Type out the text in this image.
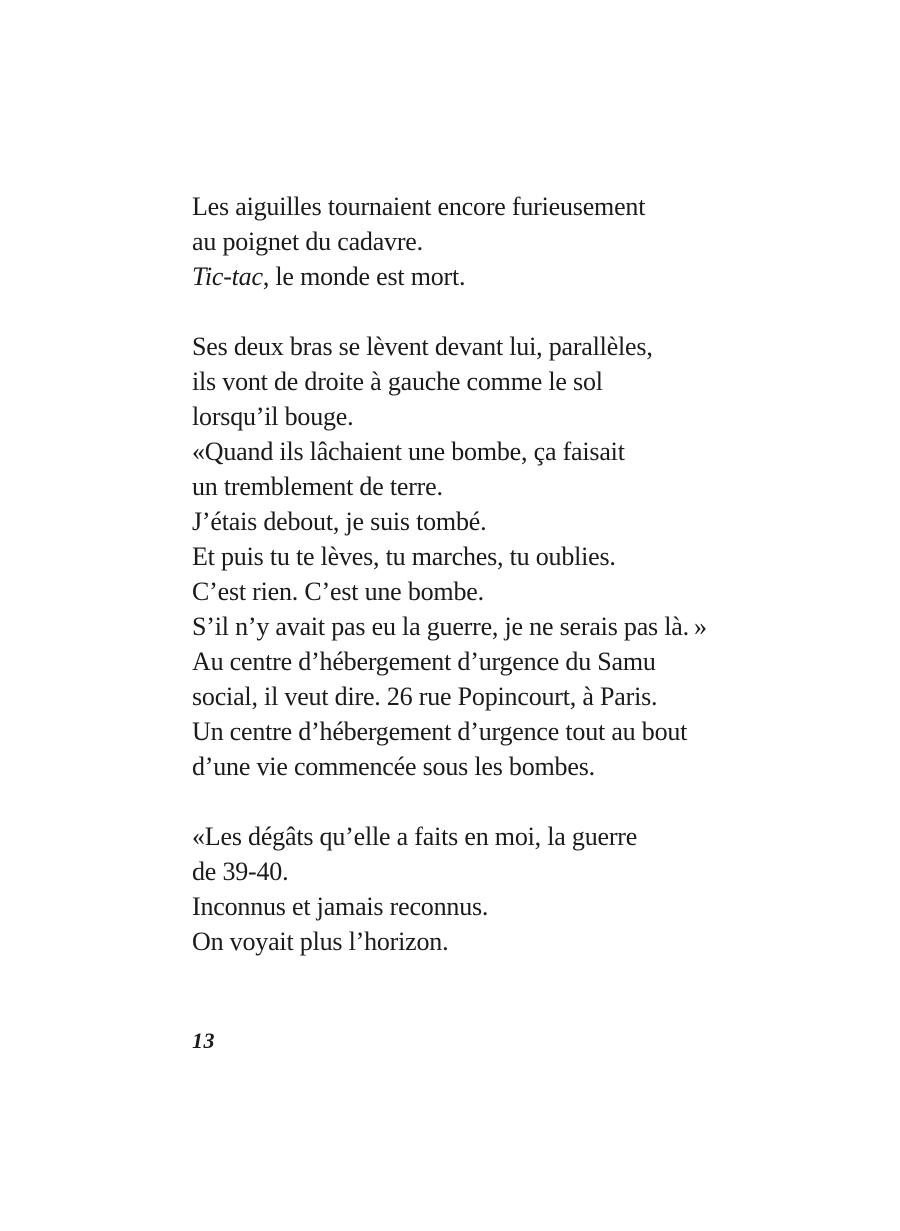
Les aiguilles tournaient encore furieusement
au poignet du cadavre.
Tic-tac, le monde est mort.
Ses deux bras se lèvent devant lui, parallèles,
ils vont de droite à gauche comme le sol
lorsqu’il bouge.
«Quand ils lâchaient une bombe, ça faisait
un tremblement de terre.
J’étais debout, je suis tombé.
Et puis tu te lèves, tu marches, tu oublies.
C’est rien. C’est une bombe.
S’il n’y avait pas eu la guerre, je ne serais pas là. »
Au centre d’hébergement d’urgence du Samu
social, il veut dire. 26 rue Popincourt, à Paris.
Un centre d’hébergement d’urgence tout au bout
d’une vie commencée sous les bombes.
«Les dégâts qu’elle a faits en moi, la guerre
de 39-40.
Inconnus et jamais reconnus.
On voyait plus l’horizon.
13
